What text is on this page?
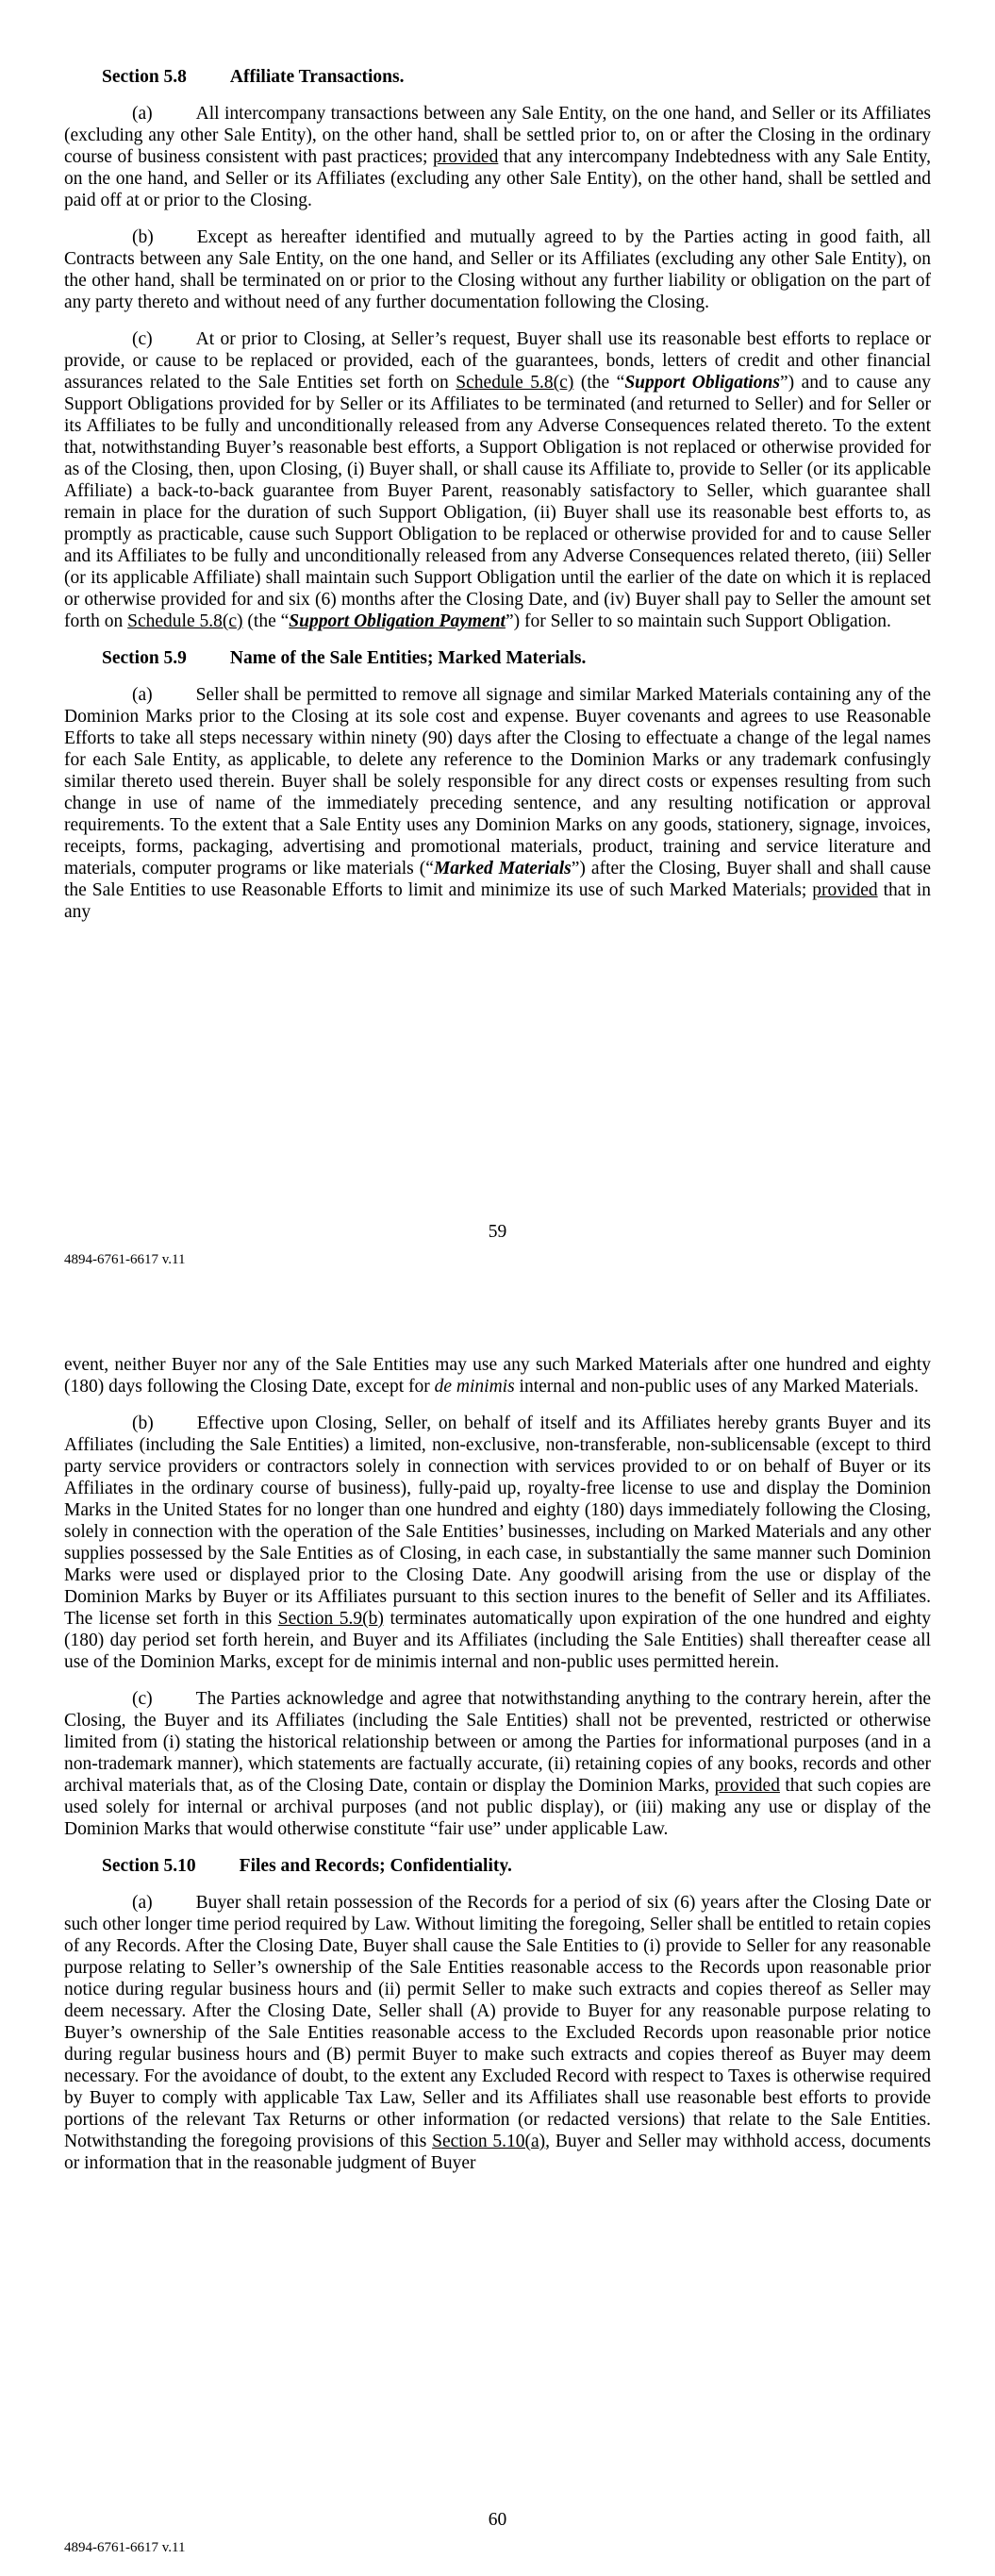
Section 5.8 Affiliate Transactions.

(a) All intercompany transactions between any Sale Entity, on the one hand, and Seller or its Affiliates (excluding any other Sale Entity), on the other hand, shall be settled prior to, on or after the Closing in the ordinary course of business consistent with past practices; provided that any intercompany Indebtedness with any Sale Entity, on the one hand, and Seller or its Affiliates (excluding any other Sale Entity), on the other hand, shall be settled and paid off at or prior to the Closing.

(b) Except as hereafter identified and mutually agreed to by the Parties acting in good faith, all Contracts between any Sale Entity, on the one hand, and Seller or its Affiliates (excluding any other Sale Entity), on the other hand, shall be terminated on or prior to the Closing without any further liability or obligation on the part of any party thereto and without need of any further documentation following the Closing.

(c) At or prior to Closing, at Seller’s request, Buyer shall use its reasonable best efforts to replace or provide, or cause to be replaced or provided, each of the guarantees, bonds, letters of credit and other financial assurances related to the Sale Entities set forth on Schedule 5.8(c) (the “Support Obligations”) and to cause any Support Obligations provided for by Seller or its Affiliates to be terminated (and returned to Seller) and for Seller or its Affiliates to be fully and unconditionally released from any Adverse Consequences related thereto. To the extent that, notwithstanding Buyer’s reasonable best efforts, a Support Obligation is not replaced or otherwise provided for as of the Closing, then, upon Closing, (i) Buyer shall, or shall cause its Affiliate to, provide to Seller (or its applicable Affiliate) a back-to-back guarantee from Buyer Parent, reasonably satisfactory to Seller, which guarantee shall remain in place for the duration of such Support Obligation, (ii) Buyer shall use its reasonable best efforts to, as promptly as practicable, cause such Support Obligation to be replaced or otherwise provided for and to cause Seller and its Affiliates to be fully and unconditionally released from any Adverse Consequences related thereto, (iii) Seller (or its applicable Affiliate) shall maintain such Support Obligation until the earlier of the date on which it is replaced or otherwise provided for and six (6) months after the Closing Date, and (iv) Buyer shall pay to Seller the amount set forth on Schedule 5.8(c) (the “Support Obligation Payment”) for Seller to so maintain such Support Obligation.

Section 5.9 Name of the Sale Entities; Marked Materials.

(a) Seller shall be permitted to remove all signage and similar Marked Materials containing any of the Dominion Marks prior to the Closing at its sole cost and expense. Buyer covenants and agrees to use Reasonable Efforts to take all steps necessary within ninety (90) days after the Closing to effectuate a change of the legal names for each Sale Entity, as applicable, to delete any reference to the Dominion Marks or any trademark confusingly similar thereto used therein. Buyer shall be solely responsible for any direct costs or expenses resulting from such change in use of name of the immediately preceding sentence, and any resulting notification or approval requirements. To the extent that a Sale Entity uses any Dominion Marks on any goods, stationery, signage, invoices, receipts, forms, packaging, advertising and promotional materials, product, training and service literature and materials, computer programs or like materials (“Marked Materials”) after the Closing, Buyer shall and shall cause the Sale Entities to use Reasonable Efforts to limit and minimize its use of such Marked Materials; provided that in any

59
4894-6761-6617 v.11

event, neither Buyer nor any of the Sale Entities may use any such Marked Materials after one hundred and eighty (180) days following the Closing Date, except for de minimis internal and non-public uses of any Marked Materials.

(b) Effective upon Closing, Seller, on behalf of itself and its Affiliates hereby grants Buyer and its Affiliates (including the Sale Entities) a limited, non-exclusive, non-transferable, non-sublicensable (except to third party service providers or contractors solely in connection with services provided to or on behalf of Buyer or its Affiliates in the ordinary course of business), fully-paid up, royalty-free license to use and display the Dominion Marks in the United States for no longer than one hundred and eighty (180) days immediately following the Closing, solely in connection with the operation of the Sale Entities’ businesses, including on Marked Materials and any other supplies possessed by the Sale Entities as of Closing, in each case, in substantially the same manner such Dominion Marks were used or displayed prior to the Closing Date. Any goodwill arising from the use or display of the Dominion Marks by Buyer or its Affiliates pursuant to this section inures to the benefit of Seller and its Affiliates. The license set forth in this Section 5.9(b) terminates automatically upon expiration of the one hundred and eighty (180) day period set forth herein, and Buyer and its Affiliates (including the Sale Entities) shall thereafter cease all use of the Dominion Marks, except for de minimis internal and non-public uses permitted herein.

(c) The Parties acknowledge and agree that notwithstanding anything to the contrary herein, after the Closing, the Buyer and its Affiliates (including the Sale Entities) shall not be prevented, restricted or otherwise limited from (i) stating the historical relationship between or among the Parties for informational purposes (and in a non-trademark manner), which statements are factually accurate, (ii) retaining copies of any books, records and other archival materials that, as of the Closing Date, contain or display the Dominion Marks, provided that such copies are used solely for internal or archival purposes (and not public display), or (iii) making any use or display of the Dominion Marks that would otherwise constitute “fair use” under applicable Law.

Section 5.10 Files and Records; Confidentiality.

(a) Buyer shall retain possession of the Records for a period of six (6) years after the Closing Date or such other longer time period required by Law. Without limiting the foregoing, Seller shall be entitled to retain copies of any Records. After the Closing Date, Buyer shall cause the Sale Entities to (i) provide to Seller for any reasonable purpose relating to Seller’s ownership of the Sale Entities reasonable access to the Records upon reasonable prior notice during regular business hours and (ii) permit Seller to make such extracts and copies thereof as Seller may deem necessary. After the Closing Date, Seller shall (A) provide to Buyer for any reasonable purpose relating to Buyer’s ownership of the Sale Entities reasonable access to the Excluded Records upon reasonable prior notice during regular business hours and (B) permit Buyer to make such extracts and copies thereof as Buyer may deem necessary. For the avoidance of doubt, to the extent any Excluded Record with respect to Taxes is otherwise required by Buyer to comply with applicable Tax Law, Seller and its Affiliates shall use reasonable best efforts to provide portions of the relevant Tax Returns or other information (or redacted versions) that relate to the Sale Entities. Notwithstanding the foregoing provisions of this Section 5.10(a), Buyer and Seller may withhold access, documents or information that in the reasonable judgment of Buyer

60
4894-6761-6617 v.11
